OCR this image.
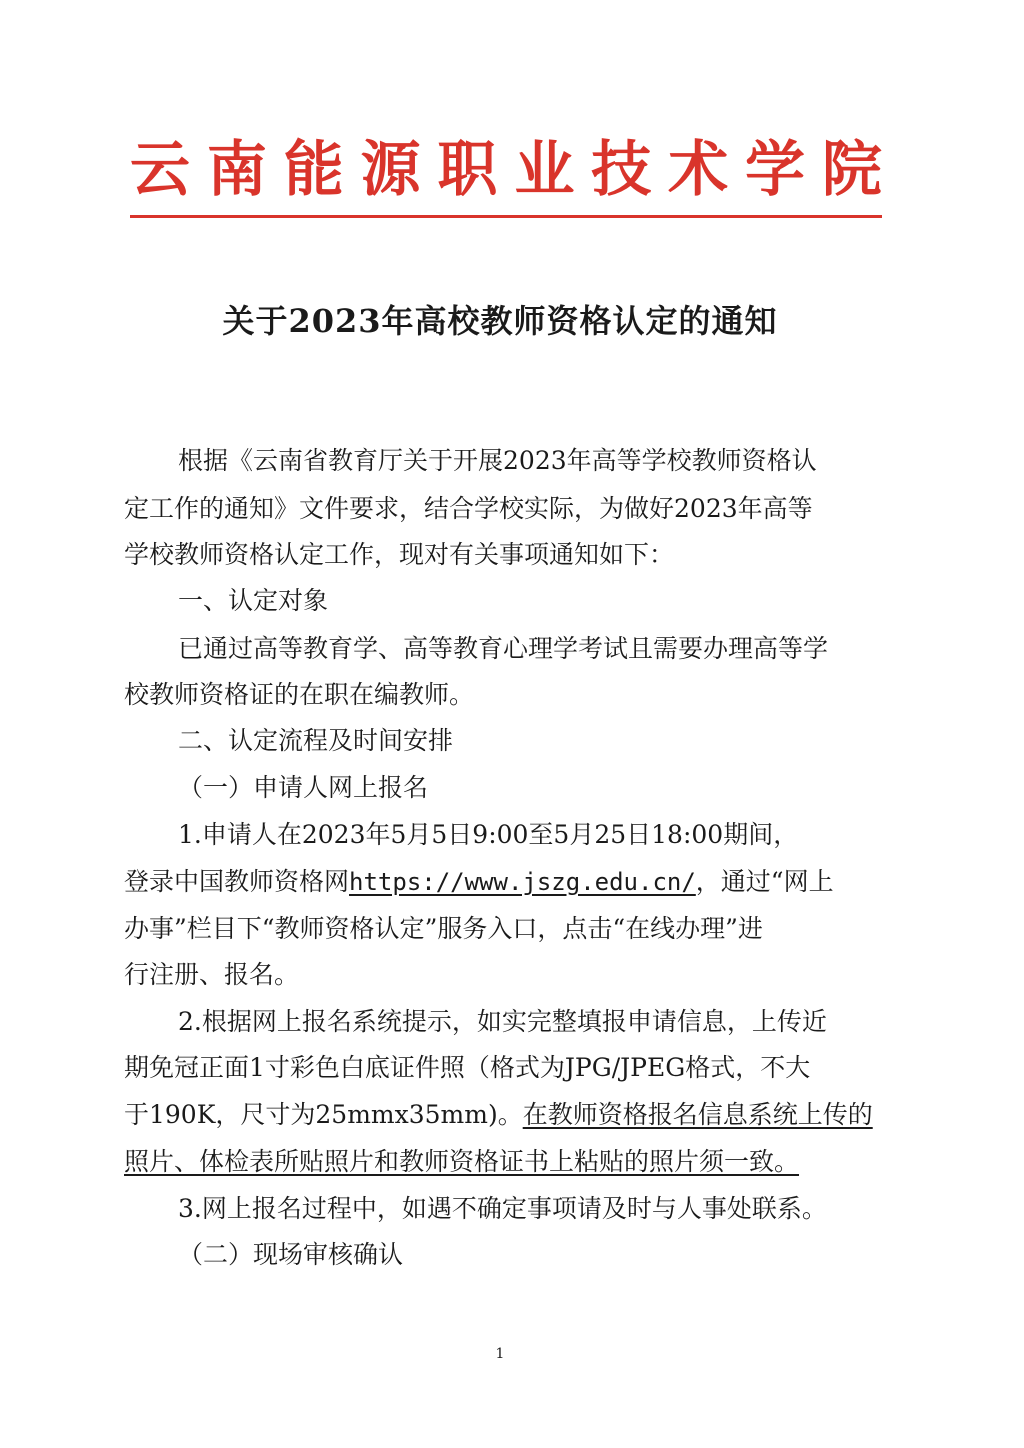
云 南 能 源 职 业 技 术 学 院
关于2023年高校教师资格认定的通知
根据《云南省教育厅关于开展2023年高等学校教师资格认
定工作的通知》文件要求，结合学校实际，为做好2023年高等
学校教师资格认定工作，现对有关事项通知如下：
一、认定对象
已通过高等教育学、高等教育心理学考试且需要办理高等学
校教师资格证的在职在编教师。
二、认定流程及时间安排
（一）申请人网上报名
1.申请人在2023年5月5日9:00至5月25日18:00期间，
登录中国教师资格网https://www.jszg.edu.cn/，通过“网上
办事”栏目下“教师资格认定”服务入口，点击“在线办理”进
行注册、报名。
2.根据网上报名系统提示，如实完整填报申请信息，上传近
期免冠正面1寸彩色白底证件照（格式为JPG/JPEG格式，不大
于190K，尺寸为25mmx35mm)。在教师资格报名信息系统上传的
照片、体检表所贴照片和教师资格证书上粘贴的照片须一致。
3.网上报名过程中，如遇不确定事项请及时与人事处联系。
（二）现场审核确认
1
